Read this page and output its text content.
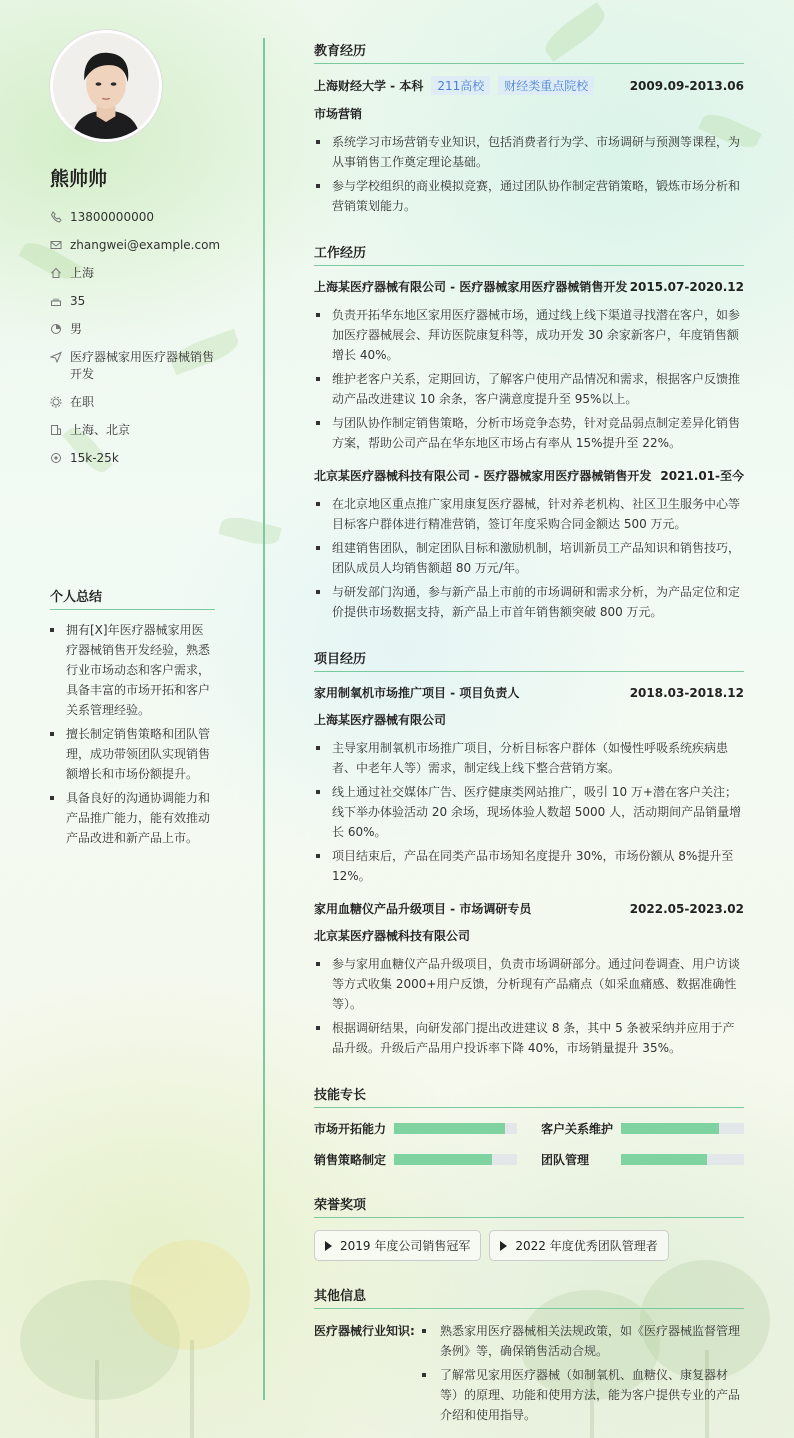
熊帅帅
13800000000
zhangwei@example.com
上海
35
男
医疗器械家用医疗器械销售开发
在职
上海、北京
15k-25k
个人总结
拥有[X]年医疗器械家用医疗器械销售开发经验，熟悉行业市场动态和客户需求，具备丰富的市场开拓和客户关系管理经验。
擅长制定销售策略和团队管理，成功带领团队实现销售额增长和市场份额提升。
具备良好的沟通协调能力和产品推广能力，能有效推动产品改进和新产品上市。
教育经历
上海财经大学 - 本科	211高校	财经类重点院校	2009.09-2013.06
市场营销
系统学习市场营销专业知识，包括消费者行为学、市场调研与预测等课程，为从事销售工作奠定理论基础。
参与学校组织的商业模拟竞赛，通过团队协作制定营销策略，锻炼市场分析和营销策划能力。
工作经历
上海某医疗器械有限公司 - 医疗器械家用医疗器械销售开发 2015.07-2020.12
负责开拓华东地区家用医疗器械市场，通过线上线下渠道寻找潜在客户，如参加医疗器械展会、拜访医院康复科等，成功开发 30 余家新客户，年度销售额增长 40%。
维护老客户关系，定期回访，了解客户使用产品情况和需求，根据客户反馈推动产品改进建议 10 余条，客户满意度提升至 95%以上。
与团队协作制定销售策略，分析市场竞争态势，针对竞品弱点制定差异化销售方案，帮助公司产品在华东地区市场占有率从 15%提升至 22%。
北京某医疗器械科技有限公司 - 医疗器械家用医疗器械销售开发 2021.01-至今
在北京地区重点推广家用康复医疗器械，针对养老机构、社区卫生服务中心等目标客户群体进行精准营销，签订年度采购合同金额达 500 万元。
组建销售团队，制定团队目标和激励机制，培训新员工产品知识和销售技巧，团队成员人均销售额超 80 万元/年。
与研发部门沟通，参与新产品上市前的市场调研和需求分析，为产品定位和定价提供市场数据支持，新产品上市首年销售额突破 800 万元。
项目经历
家用制氧机市场推广项目 - 项目负责人	2018.03-2018.12
上海某医疗器械有限公司
主导家用制氧机市场推广项目，分析目标客户群体（如慢性呼吸系统疾病患者、中老年人等）需求，制定线上线下整合营销方案。
线上通过社交媒体广告、医疗健康类网站推广，吸引 10 万+潜在客户关注；线下举办体验活动 20 余场，现场体验人数超 5000 人，活动期间产品销量增长 60%。
项目结束后，产品在同类产品市场知名度提升 30%，市场份额从 8%提升至 12%。
家用血糖仪产品升级项目 - 市场调研专员	2022.05-2023.02
北京某医疗器械科技有限公司
参与家用血糖仪产品升级项目，负责市场调研部分。通过问卷调查、用户访谈等方式收集 2000+用户反馈，分析现有产品痛点（如采血痛感、数据准确性等）。
根据调研结果，向研发部门提出改进建议 8 条，其中 5 条被采纳并应用于产品升级。升级后产品用户投诉率下降 40%，市场销量提升 35%。
技能专长
市场开拓能力	客户关系维护
销售策略制定	团队管理
荣誉奖项
2019 年度公司销售冠军	2022 年度优秀团队管理者
其他信息
医疗器械行业知识:	熟悉家用医疗器械相关法规政策，如《医疗器械监督管理条例》等，确保销售活动合规。
了解常见家用医疗器械（如制氧机、血糖仪、康复器材等）的原理、功能和使用方法，能为客户提供专业的产品介绍和使用指导。
